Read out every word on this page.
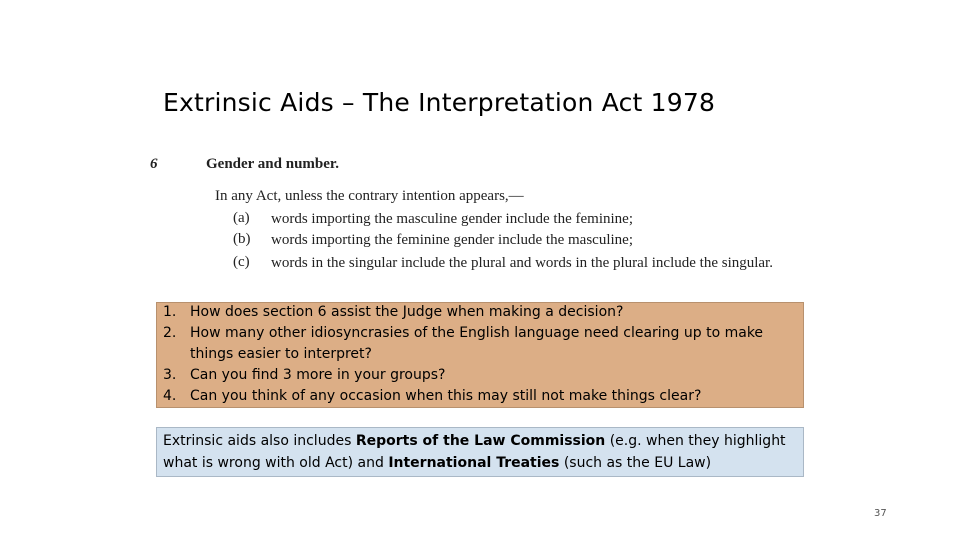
Extrinsic Aids – The Interpretation Act 1978
6	Gender and number.
In any Act, unless the contrary intention appears,—
(a) words importing the masculine gender include the feminine;
(b) words importing the feminine gender include the masculine;
(c) words in the singular include the plural and words in the plural include the singular.
1. How does section 6 assist the Judge when making a decision?
2. How many other idiosyncrasies of the English language need clearing up to make things easier to interpret?
3. Can you find 3 more in your groups?
4. Can you think of any occasion when this may still not make things clear?
Extrinsic aids also includes Reports of the Law Commission (e.g. when they highlight what is wrong with old Act) and International Treaties (such as the EU Law)
37
